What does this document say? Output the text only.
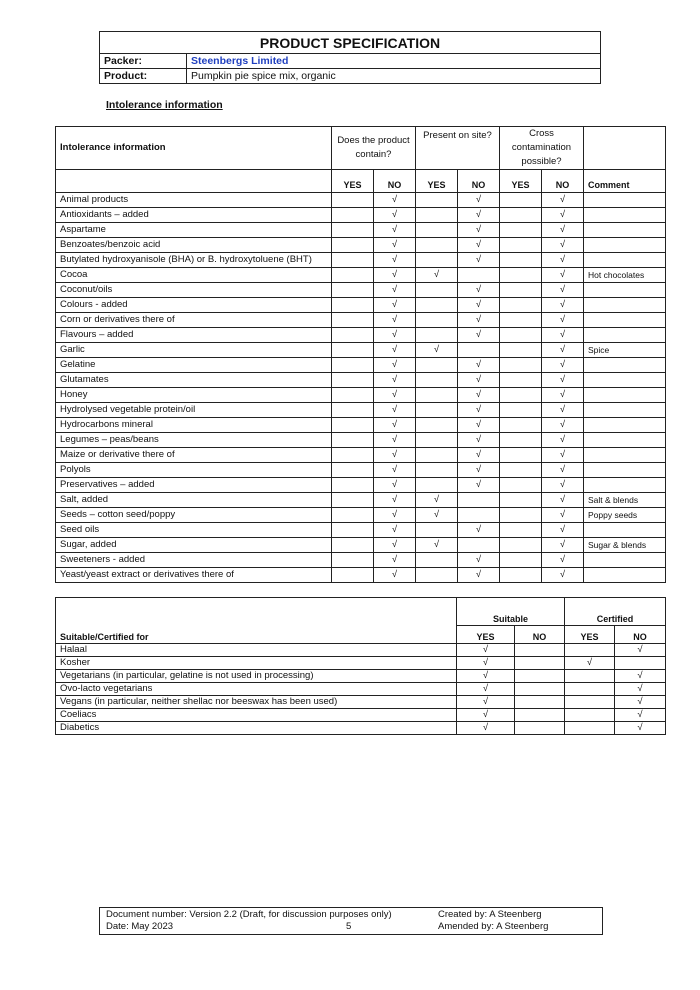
PRODUCT SPECIFICATION	
Packer:	Steenbergs Limited
Product:	Pumpkin pie spice mix, organic
Intolerance information
Intolerance information	Does the product contain?		Present on site?		Cross contamination possible?		
	YES	NO	YES	NO	YES	NO	Comment
Animal products		√		√		√	
Antioxidants – added		√		√		√	
Aspartame		√		√		√	
Benzoates/benzoic acid		√		√		√	
Butylated hydroxyanisole (BHA) or B. hydroxytoluene (BHT)		√		√		√	
Cocoa		√	√			√	Hot chocolates
Coconut/oils		√		√		√	
Colours - added		√		√		√	
Corn or derivatives there of		√		√		√	
Flavours – added		√		√		√	
Garlic		√	√			√	Spice
Gelatine		√		√		√	
Glutamates		√		√		√	
Honey		√		√		√	
Hydrolysed vegetable protein/oil		√		√		√	
Hydrocarbons mineral		√		√		√	
Legumes – peas/beans		√		√		√	
Maize or derivative there of		√		√		√	
Polyols		√		√		√	
Preservatives – added		√		√		√	
Salt, added		√	√			√	Salt & blends
Seeds – cotton seed/poppy		√	√			√	Poppy seeds
Seed oils		√		√		√	
Sugar, added		√	√			√	Sugar & blends
Sweeteners - added		√		√		√	
Yeast/yeast extract or derivatives there of		√		√		√	

	Suitable		Certified	
Suitable/Certified for	YES	NO	YES	NO
Halaal	√			√
Kosher	√		√	
Vegetarians (in particular, gelatine is not used in processing)	√			√
Ovo-lacto vegetarians	√			√
Vegans (in particular, neither shellac nor beeswax has been used)	√			√
Coeliacs	√			√
Diabetics	√			√
Document number: Version 2.2 (Draft, for discussion purposes only)
Date: May 2023	5
Created by: A Steenberg
Amended by: A Steenberg
